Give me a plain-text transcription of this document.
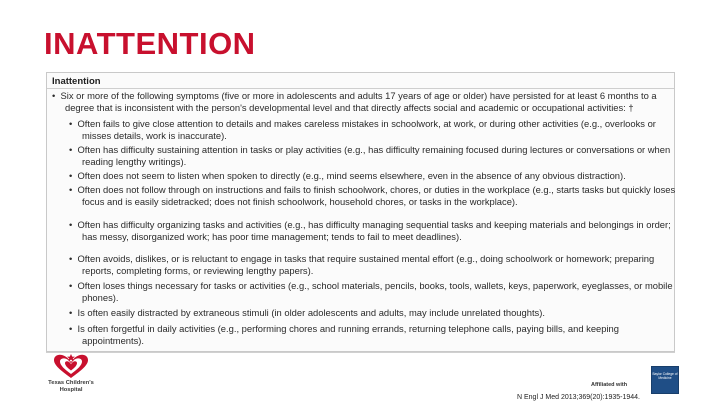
INATTENTION
Inattention
• Six or more of the following symptoms (five or more in adolescents and adults 17 years of age or older) have persisted for at least 6 months to a degree that is inconsistent with the person's developmental level and that directly affects social and academic or occupational activities: †
• Often fails to give close attention to details and makes careless mistakes in schoolwork, at work, or during other activities (e.g., overlooks or misses details, work is inaccurate).
• Often has difficulty sustaining attention in tasks or play activities (e.g., has difficulty remaining focused during lectures or conversations or when reading lengthy writings).
• Often does not seem to listen when spoken to directly (e.g., mind seems elsewhere, even in the absence of any obvious distraction).
• Often does not follow through on instructions and fails to finish schoolwork, chores, or duties in the workplace (e.g., starts tasks but quickly loses focus and is easily sidetracked; does not finish schoolwork, household chores, or tasks in the workplace).
• Often has difficulty organizing tasks and activities (e.g., has difficulty managing sequential tasks and keeping materials and belongings in order; has messy, disorganized work; has poor time management; tends to fail to meet deadlines).
• Often avoids, dislikes, or is reluctant to engage in tasks that require sustained mental effort (e.g., doing schoolwork or homework; preparing reports, completing forms, or reviewing lengthy papers).
• Often loses things necessary for tasks or activities (e.g., school materials, pencils, books, tools, wallets, keys, paperwork, eyeglasses, or mobile phones).
• Is often easily distracted by extraneous stimuli (in older adolescents and adults, may include unrelated thoughts).
• Is often forgetful in daily activities (e.g., performing chores and running errands, returning telephone calls, paying bills, and keeping appointments).
Texas Children's Hospital
Affiliated with
Baylor College of Medicine
N Engl J Med 2013;369(20):1935-1944.
